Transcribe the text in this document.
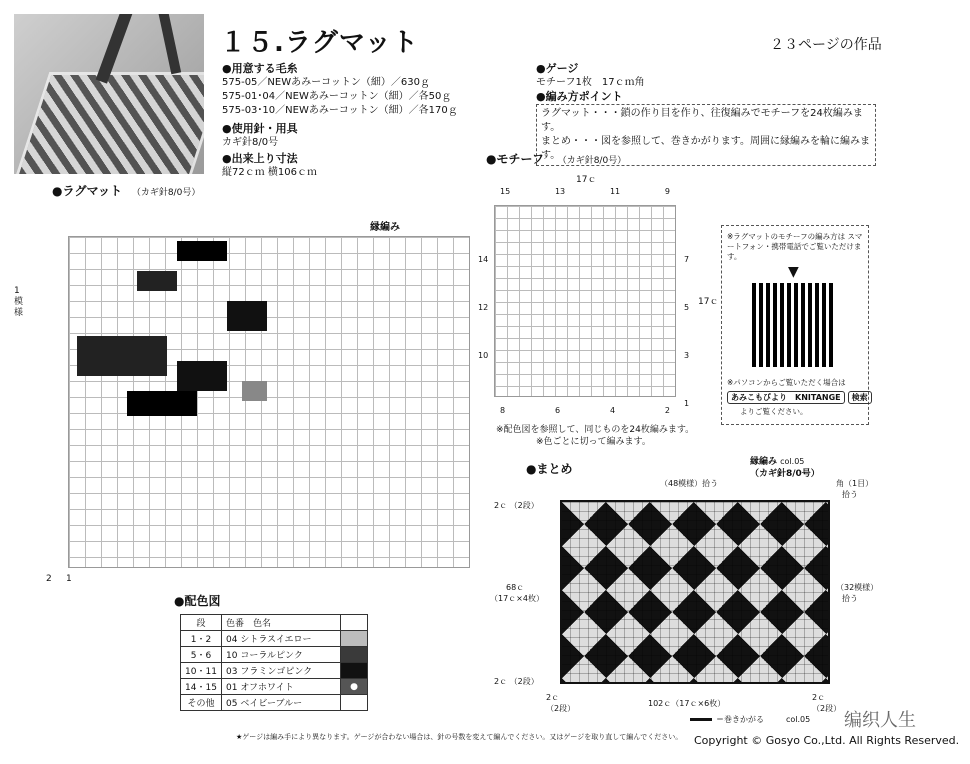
１５.ラグマット	２３ページの作品
●用意する毛糸
575-05／NEWあみーコットン（細）／630ｇ
575-01･04／NEWあみーコットン（細）／各50ｇ
575-03･10／NEWあみーコットン（細）／各170ｇ
●使用針・用具
カギ針8/0号
●出来上り寸法
縦72ｃｍ 横106ｃｍ
●ゲージ
モチーフ1枚　17ｃｍ角
●編み方ポイント
ラグマット・・・鎖の作り目を作り、往復編みでモチーフを24枚編みます。
まとめ・・・図を参照して、巻きかがります。周囲に縁編みを輪に編みます。
●ラグマット （カギ針8/0号）
縁編み
1模様
2 1
●モチーフ （カギ針8/0号）
17ｃ
17ｃ
15	13	11	9
14
12
10
7
5
3
1
8	6	4	2
※配色図を参照して、同じものを24枚編みます。
※色ごとに切って編みます。
※ラグマットのモチーフの編み方は スマートフォン・携帯電話でご覧いただけます。
▼
※パソコンからご覧いただく場合は
あみこもびより　KNITANGE	検索
よりご覧ください。
●まとめ	縁編み col.05
（カギ針8/0号）
（48模様）拾う	角（1目）
拾う
2ｃ （2段）
68ｃ
（17ｃ×4枚）
（32模様）
拾う
2ｃ （2段）
2ｃ
（2段）
102ｃ（17ｃ×6枚）
2ｃ
（2段）
＝巻きかがる	col.05
●配色図
段	色番　色名	
1・2	04 シトラスイエロー	
5・6	10 コーラルピンク	
10・11	03 フラミンゴピンク	
14・15	01 オフホワイト	●
その他	05 ベイビーブルー	
★ゲージは編み手により異なります。ゲージが合わない場合は、針の号数を変えて編んでください。又はゲージを取り直して編んでください。 Copyright © Gosyo Co.,Ltd. All Rights Reserved.
编织人生
